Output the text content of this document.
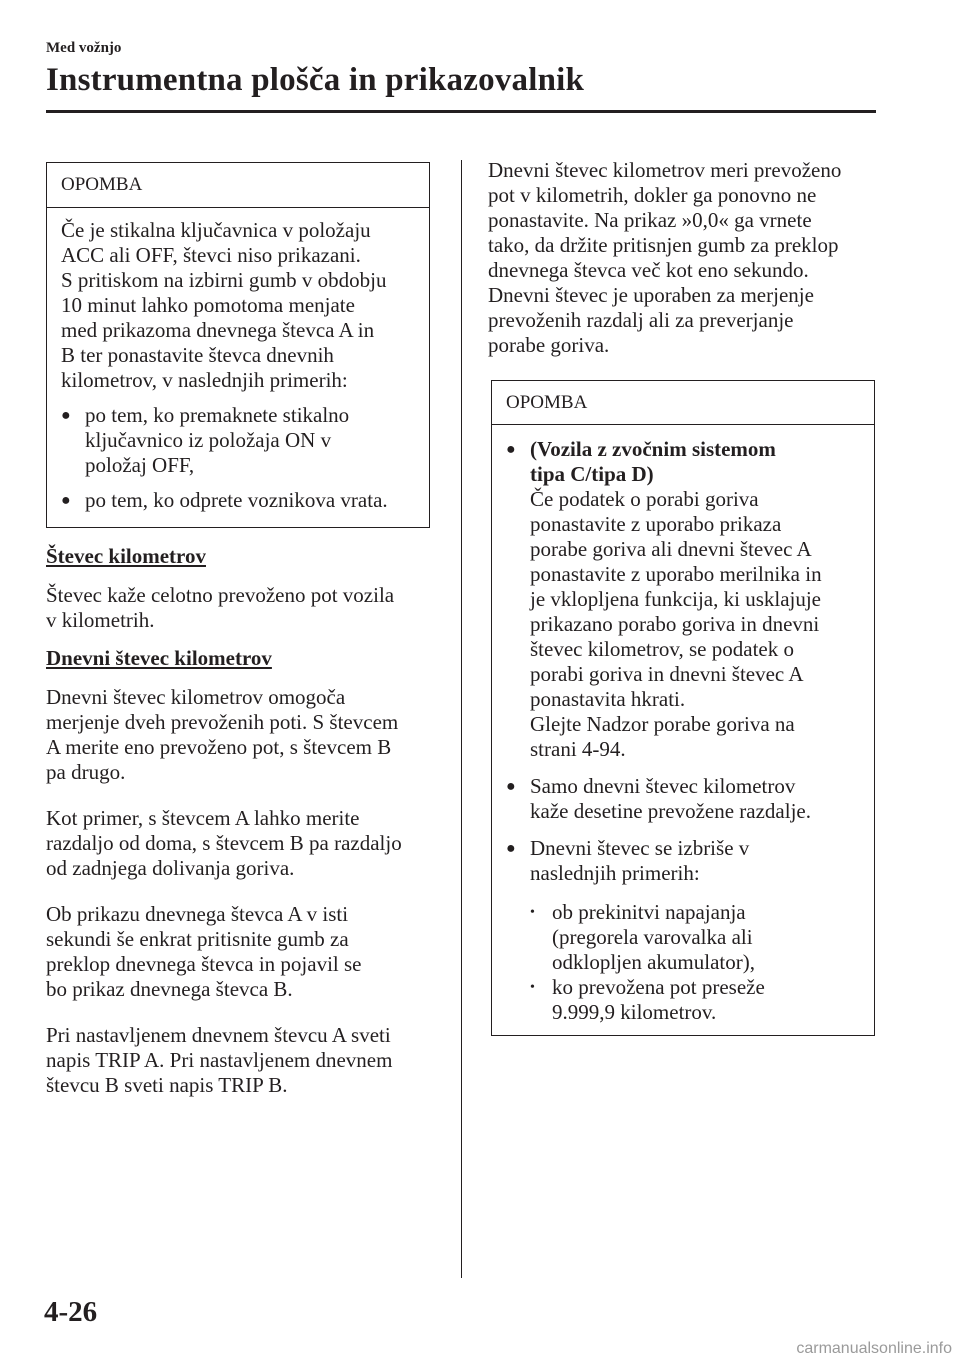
Med vožnjo
Instrumentna plošča in prikazovalnik
OPOMBA

Če je stikalna ključavnica v položaju

ACC ali OFF, števci niso prikazani.

S pritiskom na izbirni gumb v obdobju

10 minut lahko pomotoma menjate

med prikazoma dnevnega števca A in

B ter ponastavite števca dnevnih

kilometrov, v naslednjih primerih:

● po tem, ko premaknete stikalno

ključavnico iz položaja ON v

položaj OFF,

● po tem, ko odprete voznikova vrata.

Števec kilometrov

Števec kaže celotno prevoženo pot vozila

v kilometrih.

Dnevni števec kilometrov

Dnevni števec kilometrov omogoča

merjenje dveh prevoženih poti. S števcem

A merite eno prevoženo pot, s števcem B

pa drugo.

Kot primer, s števcem A lahko merite

razdaljo od doma, s števcem B pa razdaljo

od zadnjega dolivanja goriva.

Ob prikazu dnevnega števca A v isti

sekundi še enkrat pritisnite gumb za

preklop dnevnega števca in pojavil se

bo prikaz dnevnega števca B.

Pri nastavljenem dnevnem števcu A sveti

napis TRIP A. Pri nastavljenem dnevnem

števcu B sveti napis TRIP B.

Dnevni števec kilometrov meri prevoženo

pot v kilometrih, dokler ga ponovno ne

ponastavite. Na prikaz »0,0« ga vrnete

tako, da držite pritisnjen gumb za preklop

dnevnega števca več kot eno sekundo.

Dnevni števec je uporaben za merjenje

prevoženih razdalj ali za preverjanje

porabe goriva.

OPOMBA
● (Vozila z zvočnim sistemom

tipa C/tipa D)

Če podatek o porabi goriva

ponastavite z uporabo prikaza

porabe goriva ali dnevni števec A

ponastavite z uporabo merilnika in

je vklopljena funkcija, ki usklajuje

prikazano porabo goriva in dnevni

števec kilometrov, se podatek o

porabi goriva in dnevni števec A

ponastavita hkrati.

Glejte Nadzor porabe goriva na

strani 4-94.

● Samo dnevni števec kilometrov

kaže desetine prevožene razdalje.

● Dnevni števec se izbriše v

naslednjih primerih:

• ob prekinitvi napajanja

(pregorela varovalka ali

odklopljen akumulator),

• ko prevožena pot preseže

9.999,9 kilometrov.

4-26
carmanualsonline.info
